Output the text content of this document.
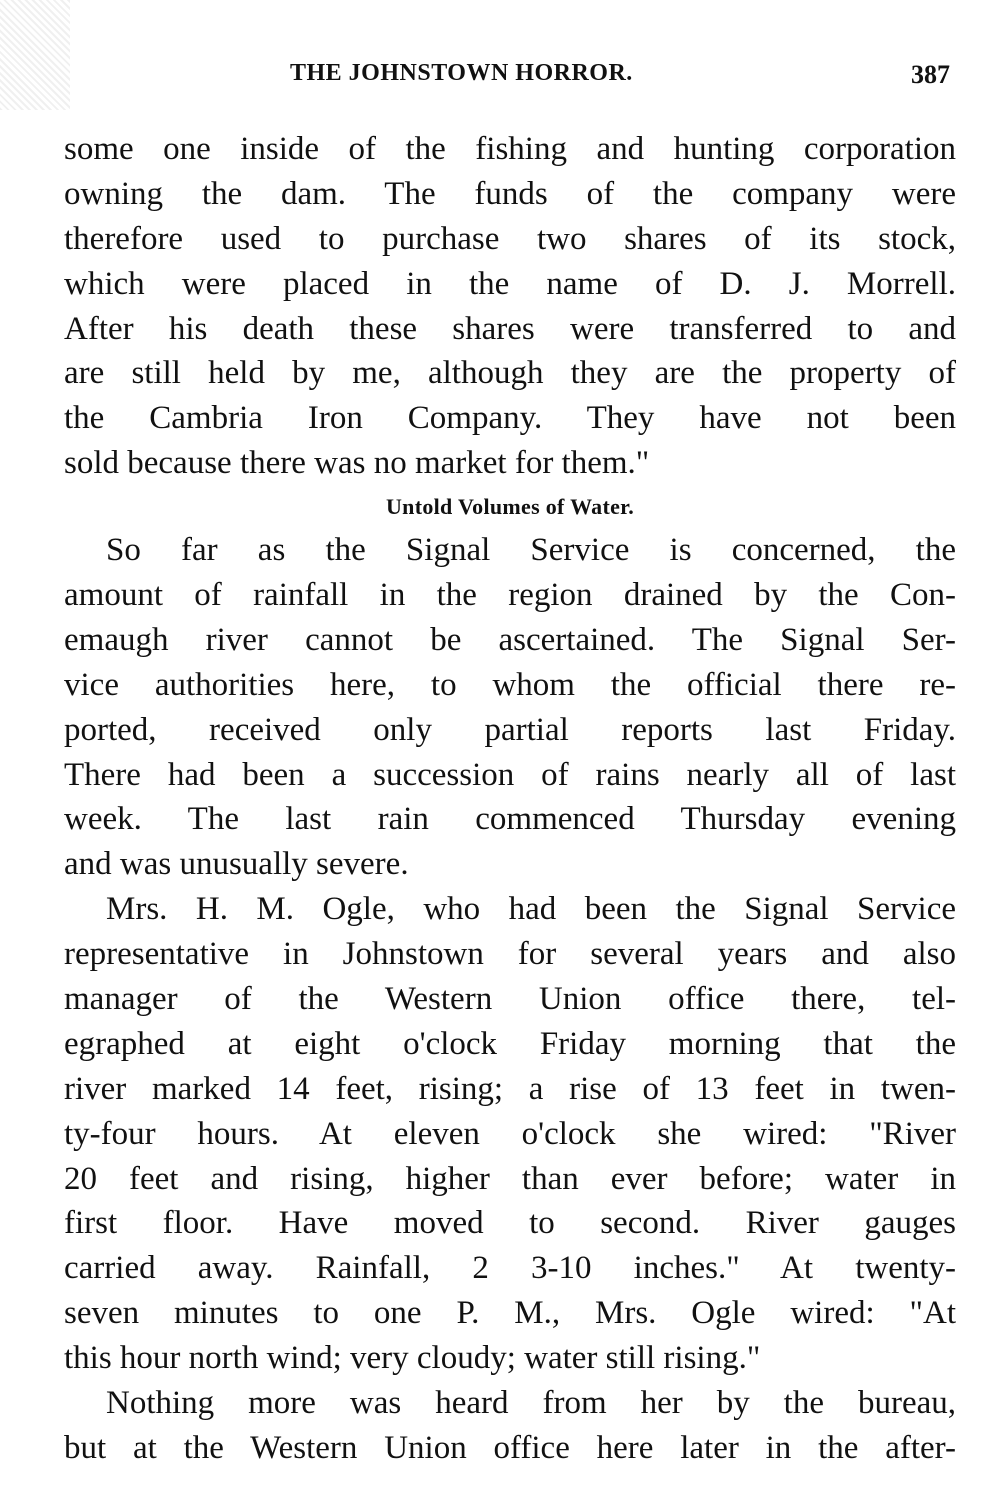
THE JOHNSTOWN HORROR.	387
some one inside of the fishing and hunting corporation
owning the dam. The funds of the company were
therefore used to purchase two shares of its stock,
which were placed in the name of D. J. Morrell.
After his death these shares were transferred to and
are still held by me, although they are the property of
the Cambria Iron Company. They have not been
sold because there was no market for them."
Untold Volumes of Water.
So far as the Signal Service is concerned, the
amount of rainfall in the region drained by the Con-
emaugh river cannot be ascertained. The Signal Ser-
vice authorities here, to whom the official there re-
ported, received only partial reports last Friday.
There had been a succession of rains nearly all of last
week. The last rain commenced Thursday evening
and was unusually severe.
Mrs. H. M. Ogle, who had been the Signal Service
representative in Johnstown for several years and also
manager of the Western Union office there, tel-
egraphed at eight o'clock Friday morning that the
river marked 14 feet, rising; a rise of 13 feet in twen-
ty-four hours. At eleven o'clock she wired: "River
20 feet and rising, higher than ever before; water in
first floor. Have moved to second. River gauges
carried away. Rainfall, 2 3-10 inches." At twenty-
seven minutes to one P. M., Mrs. Ogle wired: "At
this hour north wind; very cloudy; water still rising."
Nothing more was heard from her by the bureau,
but at the Western Union office here later in the after-
